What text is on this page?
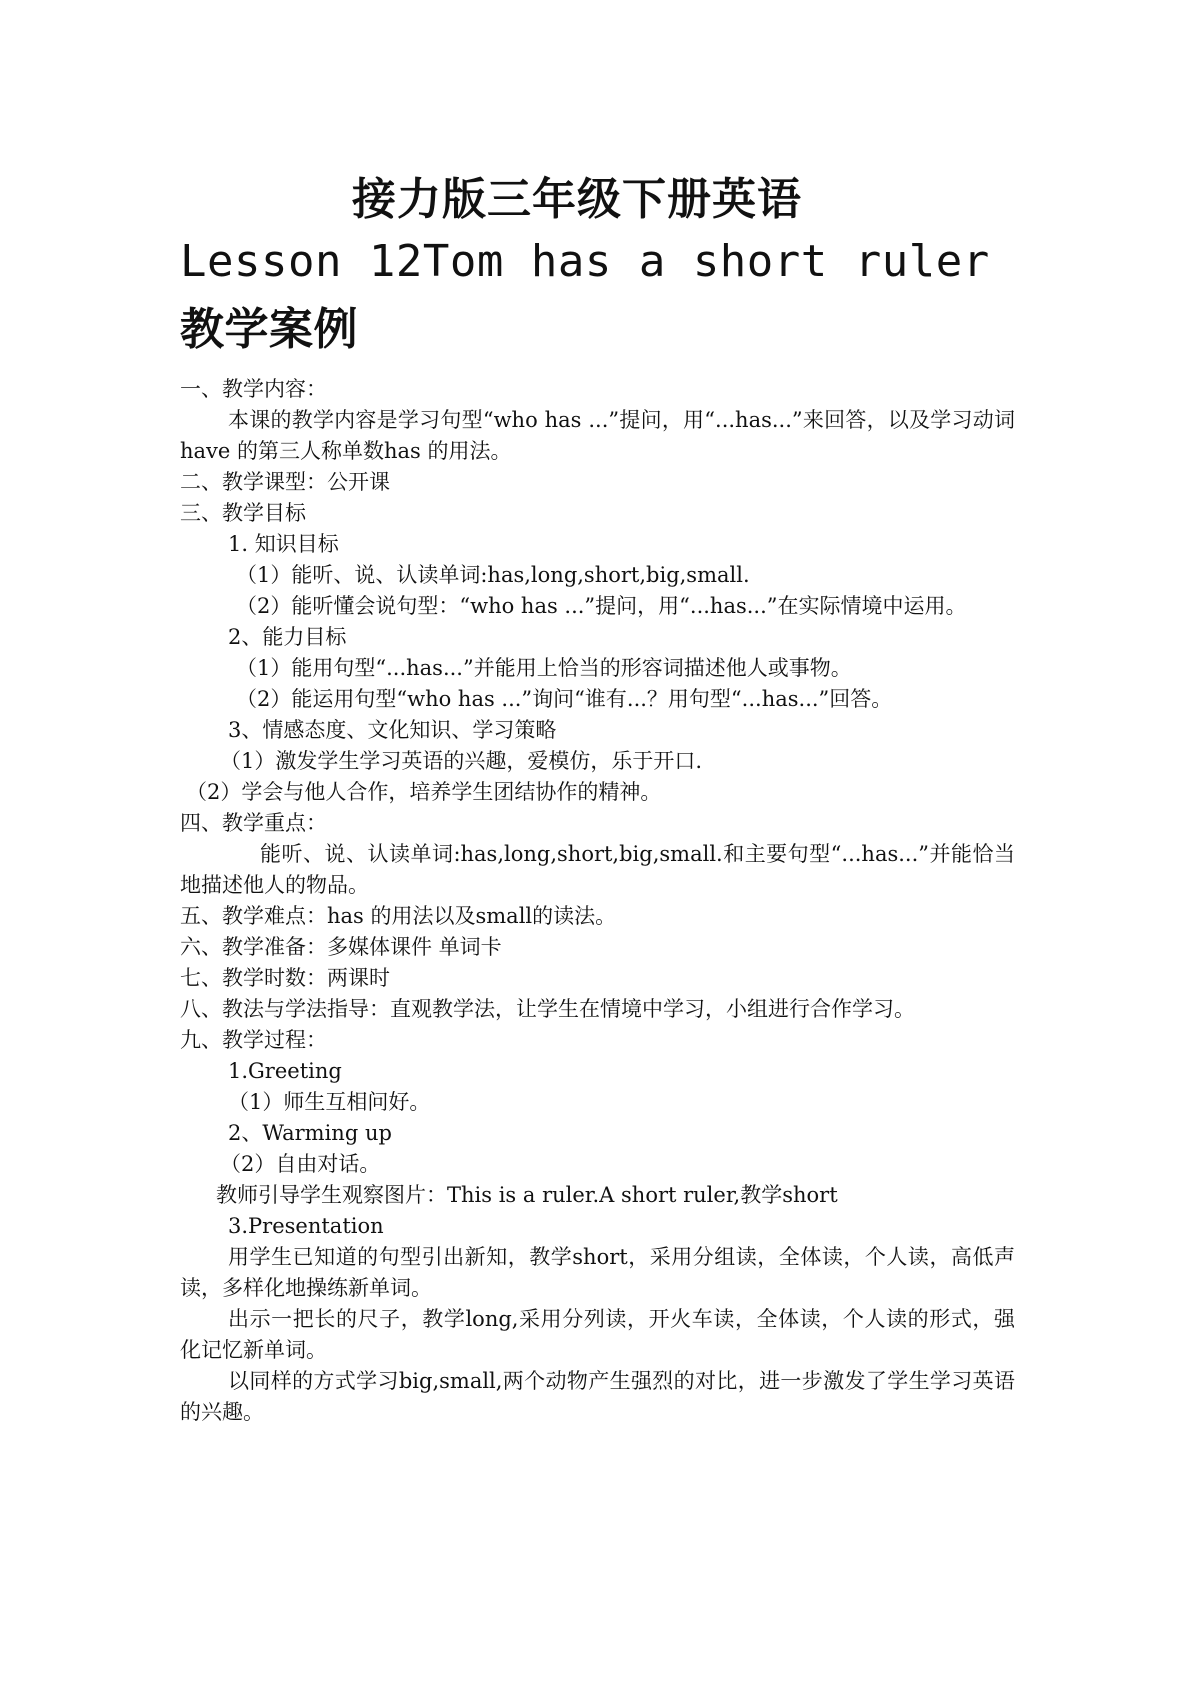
接力版三年级下册英语
Lesson 12Tom has a short ruler教学案例
一、教学内容：
本课的教学内容是学习句型“who has ...”提问，用“...has...”来回答，以及学习动词have 的第三人称单数has 的用法。
二、教学课型：公开课
三、教学目标
1. 知识目标
（1）能听、说、认读单词:has,long,short,big,small.
（2）能听懂会说句型：“who has ...”提问，用“...has...”在实际情境中运用。
2、能力目标
（1）能用句型“...has...”并能用上恰当的形容词描述他人或事物。
（2）能运用句型“who has ...”询问“谁有...？用句型“...has...”回答。
3、情感态度、文化知识、学习策略
（1）激发学生学习英语的兴趣，爱模仿，乐于开口.
（2）学会与他人合作，培养学生团结协作的精神。
四、教学重点：
能听、说、认读单词:has,long,short,big,small.和主要句型“...has...”并能恰当地描述他人的物品。
五、教学难点：has 的用法以及small的读法。
六、教学准备：多媒体课件 单词卡
七、教学时数：两课时
八、教法与学法指导：直观教学法，让学生在情境中学习，小组进行合作学习。
九、教学过程：
1.Greeting
（1）师生互相问好。
2、Warming up
（2）自由对话。
教师引导学生观察图片：This is a ruler.A short ruler,教学short
3.Presentation
用学生已知道的句型引出新知，教学short，采用分组读，全体读，个人读，高低声读，多样化地操练新单词。
出示一把长的尺子，教学long,采用分列读，开火车读，全体读，个人读的形式，强化记忆新单词。
以同样的方式学习big,small,两个动物产生强烈的对比，进一步激发了学生学习英语的兴趣。
